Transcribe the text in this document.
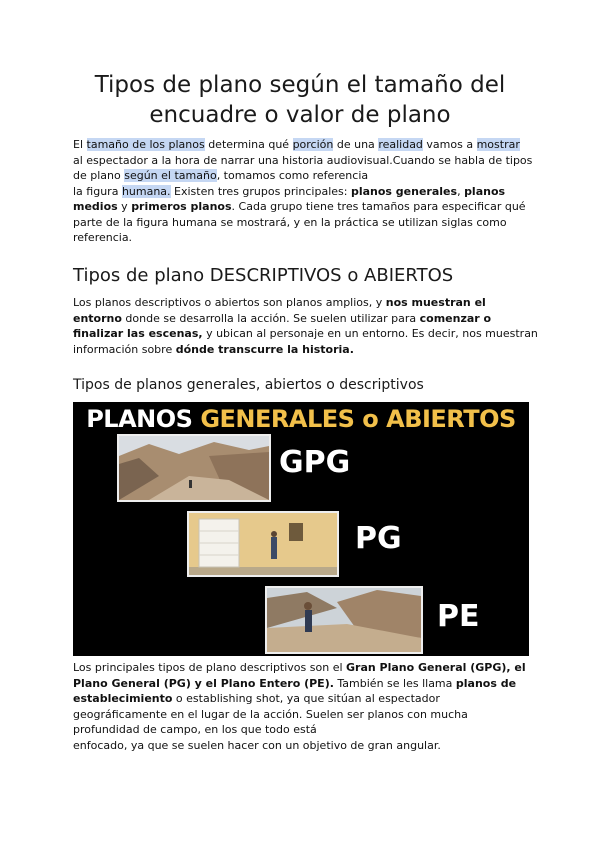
Tipos de plano según el tamaño del
encuadre o valor de plano

El tamaño de los planos determina qué porción de una realidad vamos a mostrar
al espectador a la hora de narrar una historia audiovisual.Cuando se habla de tipos
de plano según el tamaño, tomamos como referencia
la figura humana. Existen tres grupos principales: planos generales, planos
medios y primeros planos. Cada grupo tiene tres tamaños para especificar qué
parte de la figura humana se mostrará, y en la práctica se utilizan siglas como
referencia.

Tipos de plano DESCRIPTIVOS o ABIERTOS

Los planos descriptivos o abiertos son planos amplios, y nos muestran el
entorno donde se desarrolla la acción. Se suelen utilizar para comenzar o
finalizar las escenas, y ubican al personaje en un entorno. Es decir, nos muestran
información sobre dónde transcurre la historia.

Tipos de planos generales, abiertos o descriptivos
PLANOS GENERALES o ABIERTOS
GPG
PG
PE

Los principales tipos de plano descriptivos son el Gran Plano General (GPG), el
Plano General (PG) y el Plano Entero (PE). También se les llama planos de
establecimiento o establishing shot, ya que sitúan al espectador
geográficamente en el lugar de la acción. Suelen ser planos con mucha
profundidad de campo, en los que todo está
enfocado, ya que se suelen hacer con un objetivo de gran angular.
